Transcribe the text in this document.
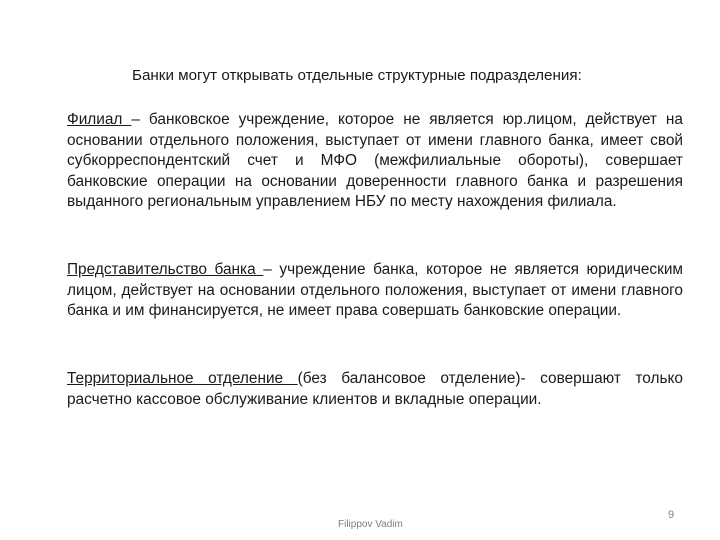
Банки могут открывать отдельные структурные подразделения:
Филиал – банковское учреждение, которое не является юр.лицом, действует на основании отдельного положения, выступает от имени главного банка, имеет свой субкорреспондентский счет и МФО (межфилиальные обороты), совершает банковские операции на основании доверенности главного банка и разрешения выданного региональным управлением НБУ по месту нахождения филиала.
Представительство банка – учреждение банка, которое не является юридическим лицом, действует на основании отдельного положения, выступает от имени главного банка и им финансируется, не имеет права совершать банковские операции.
Территориальное отделение (без балансовое отделение)- совершают только расчетно кассовое обслуживание клиентов и вкладные операции.
Filippov Vadim
9
